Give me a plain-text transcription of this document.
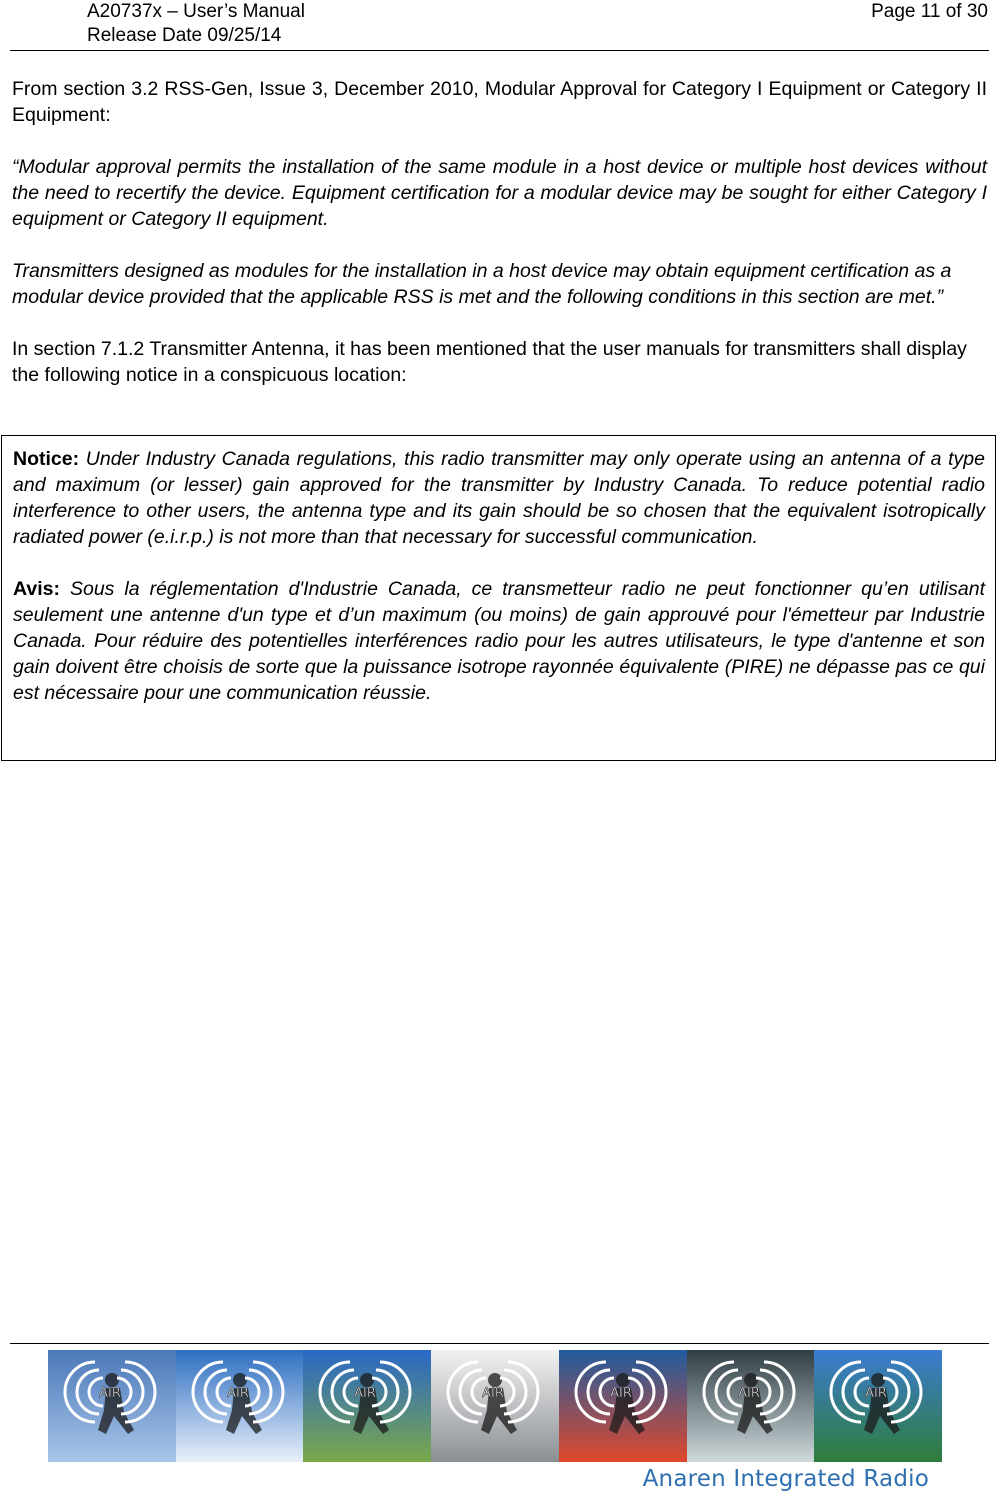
A20737x – User’s Manual
Release Date 09/25/14
Page 11 of 30

From section 3.2 RSS-Gen, Issue 3, December 2010, Modular Approval for Category I Equipment or Category II Equipment:

“Modular approval permits the installation of the same module in a host device or multiple host devices without the need to recertify the device. Equipment certification for a modular device may be sought for either Category I equipment or Category II equipment.

Transmitters designed as modules for the installation in a host device may obtain equipment certification as a modular device provided that the applicable RSS is met and the following conditions in this section are met.”

In section 7.1.2 Transmitter Antenna, it has been mentioned that the user manuals for transmitters shall display the following notice in a conspicuous location:

Notice: Under Industry Canada regulations, this radio transmitter may only operate using an antenna of a type and maximum (or lesser) gain approved for the transmitter by Industry Canada. To reduce potential radio interference to other users, the antenna type and its gain should be so chosen that the equivalent isotropically radiated power (e.i.r.p.) is not more than that necessary for successful communication.

Avis: Sous la réglementation d'Industrie Canada, ce transmetteur radio ne peut fonctionner qu’en utilisant seulement une antenne d'un type et d’un maximum (ou moins) de gain approuvé pour l'émetteur par Industrie Canada. Pour réduire des potentielles interférences radio pour les autres utilisateurs, le type d'antenne et son gain doivent être choisis de sorte que la puissance isotrope rayonnée équivalente (PIRE) ne dépasse pas ce qui est nécessaire pour une communication réussie.

AIR	AIR	AIR	AIR	AIR	AIR	AIR
Anaren Integrated Radio
